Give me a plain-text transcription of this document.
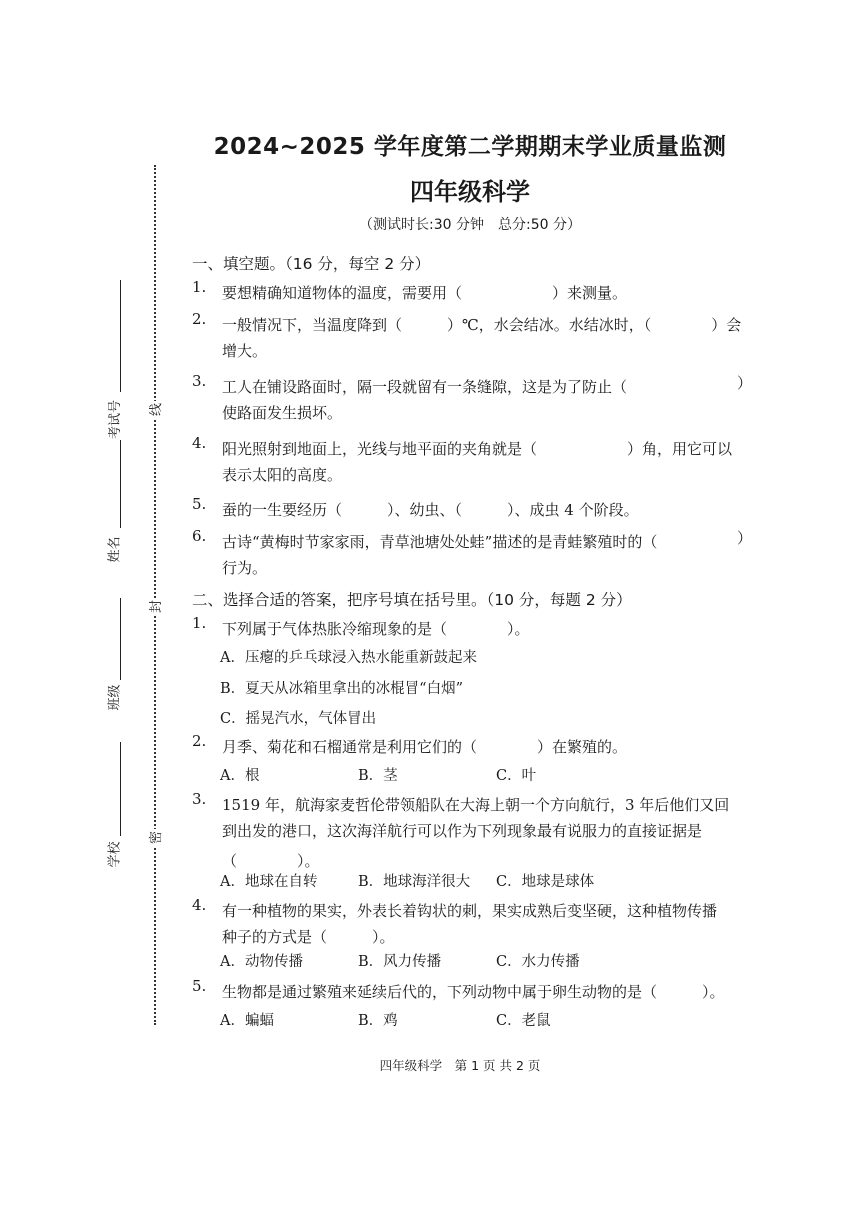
线
封
密
考试号
姓名
班级
学校
2024~2025 学年度第二学期期末学业质量监测
四年级科学
（测试时长:30 分钟　总分:50 分）
一、填空题。（16 分，每空 2 分）
1.	要想精确知道物体的温度，需要用（　　　　　　）来测量。
2.	一般情况下，当温度降到（　　　）℃，水会结冰。水结冰时，（　　　　）会
增大。
3.	工人在铺设路面时，隔一段就留有一条缝隙，这是为了防止（	）
使路面发生损坏。
4.	阳光照射到地面上，光线与地平面的夹角就是（　　　　　　）角，用它可以
表示太阳的高度。
5.	蚕的一生要经历（　　　）、幼虫、（　　　）、成虫 4 个阶段。
6.	古诗“黄梅时节家家雨，青草池塘处处蛙”描述的是青蛙繁殖时的（	）
行为。
二、选择合适的答案，把序号填在括号里。（10 分，每题 2 分）
1.	下列属于气体热胀冷缩现象的是（　　　　）。
A．压瘪的乒乓球浸入热水能重新鼓起来
B．夏天从冰箱里拿出的冰棍冒“白烟”
C．摇晃汽水，气体冒出
2.	月季、菊花和石榴通常是利用它们的（　　　　）在繁殖的。
A．根	B．茎	C．叶
3.	1519 年，航海家麦哲伦带领船队在大海上朝一个方向航行，3 年后他们又回
到出发的港口，这次海洋航行可以作为下列现象最有说服力的直接证据是
（　　　　）。
A．地球在自转	B．地球海洋很大 C．地球是球体
4.	有一种植物的果实，外表长着钩状的刺，果实成熟后变坚硬，这种植物传播
种子的方式是（　　　）。
A．动物传播	B．风力传播	C．水力传播
5.	生物都是通过繁殖来延续后代的，下列动物中属于卵生动物的是（　　　）。
A．蝙蝠	B．鸡	C．老鼠
四年级科学　第 1 页 共 2 页
